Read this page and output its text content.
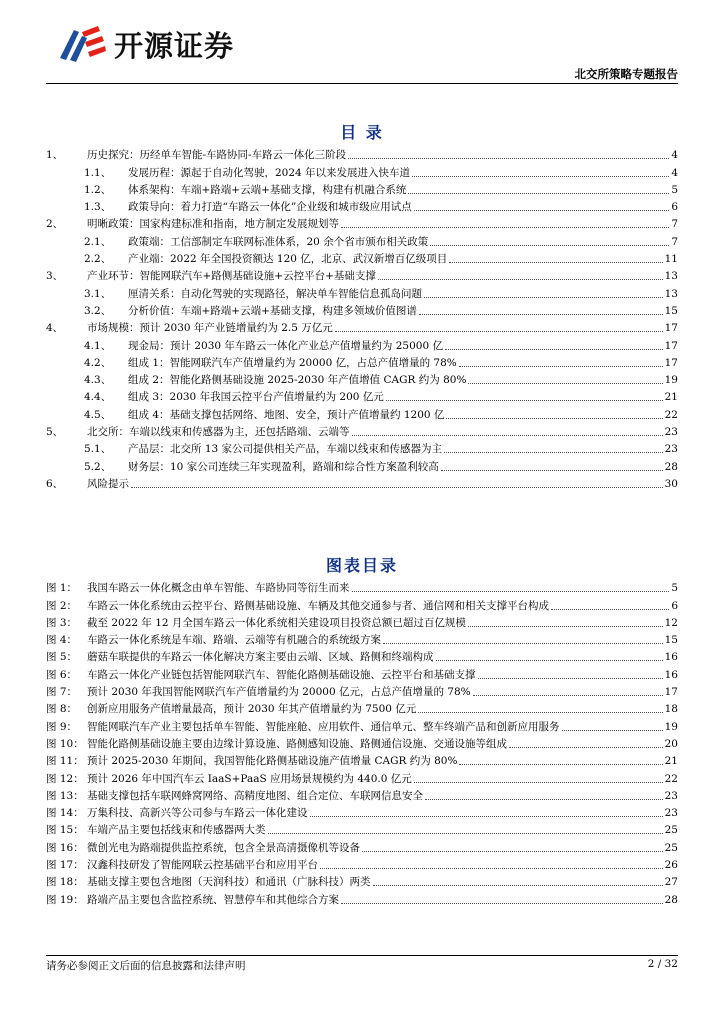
开源证券
北交所策略专题报告
目 录
1、	历史探究：历经单车智能-车路协同-车路云一体化三阶段	4
1.1、	发展历程：源起于自动化驾驶，2024 年以来发展进入快车道	4
1.2、	体系架构：车端+路端+云端+基础支撑，构建有机融合系统	5
1.3、	政策导向：着力打造“车路云一体化”企业级和城市级应用试点	6
2、	明晰政策：国家构建标准和指南，地方制定发展规划等	7
2.1、	政策端：工信部制定车联网标准体系，20 余个省市颁布相关政策	7
2.2、	产业端：2022 年全国投资额达 120 亿，北京、武汉新增百亿级项目	11
3、	产业环节：智能网联汽车+路侧基础设施+云控平台+基础支撑	13
3.1、	厘清关系：自动化驾驶的实现路径，解决单车智能信息孤岛问题	13
3.2、	分析价值：车端+路端+云端+基础支撑，构建多领域价值图谱	15
4、	市场规模：预计 2030 年产业链增量约为 2.5 万亿元	17
4.1、	现金局：预计 2030 年车路云一体化产业总产值增量约为 25000 亿	17
4.2、	组成 1：智能网联汽车产值增量约为 20000 亿，占总产值增量的 78%	17
4.3、	组成 2：智能化路侧基础设施 2025-2030 年产值增值 CAGR 约为 80%	19
4.4、	组成 3：2030 年我国云控平台产值增量约为 200 亿元	21
4.5、	组成 4：基础支撑包括网络、地图、安全，预计产值增量约 1200 亿	22
5、	北交所：车端以线束和传感器为主，还包括路端、云端等	23
5.1、	产品层：北交所 13 家公司提供相关产品，车端以线束和传感器为主	23
5.2、	财务层：10 家公司连续三年实现盈利，路端和综合性方案盈利较高	28
6、	风险提示	30
图表目录
图 1： 我国车路云一体化概念由单车智能、车路协同等衍生而来	5
图 2： 车路云一体化系统由云控平台、路侧基础设施、车辆及其他交通参与者、通信网和相关支撑平台构成	6
图 3： 截至 2022 年 12 月全国车路云一体化系统相关建设项目投资总额已超过百亿规模	12
图 4： 车路云一体化系统是车端、路端、云端等有机融合的系统级方案	15
图 5： 蘑菇车联提供的车路云一体化解决方案主要由云端、区域、路侧和终端构成	16
图 6： 车路云一体化产业链包括智能网联汽车、智能化路侧基础设施、云控平台和基础支撑	16
图 7： 预计 2030 年我国智能网联汽车产值增量约为 20000 亿元，占总产值增量的 78%	17
图 8： 创新应用服务产值增量最高，预计 2030 年其产值增量约为 7500 亿元	18
图 9： 智能网联汽车产业主要包括单车智能、智能座舱、应用软件、通信单元、整车终端产品和创新应用服务	19
图 10： 智能化路侧基础设施主要由边缘计算设施、路侧感知设施、路侧通信设施、交通设施等组成	20
图 11： 预计 2025-2030 年期间，我国智能化路侧基础设施产值增量 CAGR 约为 80%	21
图 12： 预计 2026 年中国汽车云 IaaS+PaaS 应用场景规模约为 440.0 亿元	22
图 13： 基础支撑包括车联网蜂窝网络、高精度地图、组合定位、车联网信息安全	23
图 14： 万集科技、高新兴等公司参与车路云一体化建设	23
图 15： 车端产品主要包括线束和传感器两大类	25
图 16： 微创光电为路端提供监控系统，包含全景高清摄像机等设备	25
图 17： 汉鑫科技研发了智能网联云控基础平台和应用平台	26
图 18： 基础支撑主要包含地图（天润科技）和通讯（广脉科技）两类	27
图 19： 路端产品主要包含监控系统、智慧停车和其他综合方案	28
请务必参阅正文后面的信息披露和法律声明	2 / 32
